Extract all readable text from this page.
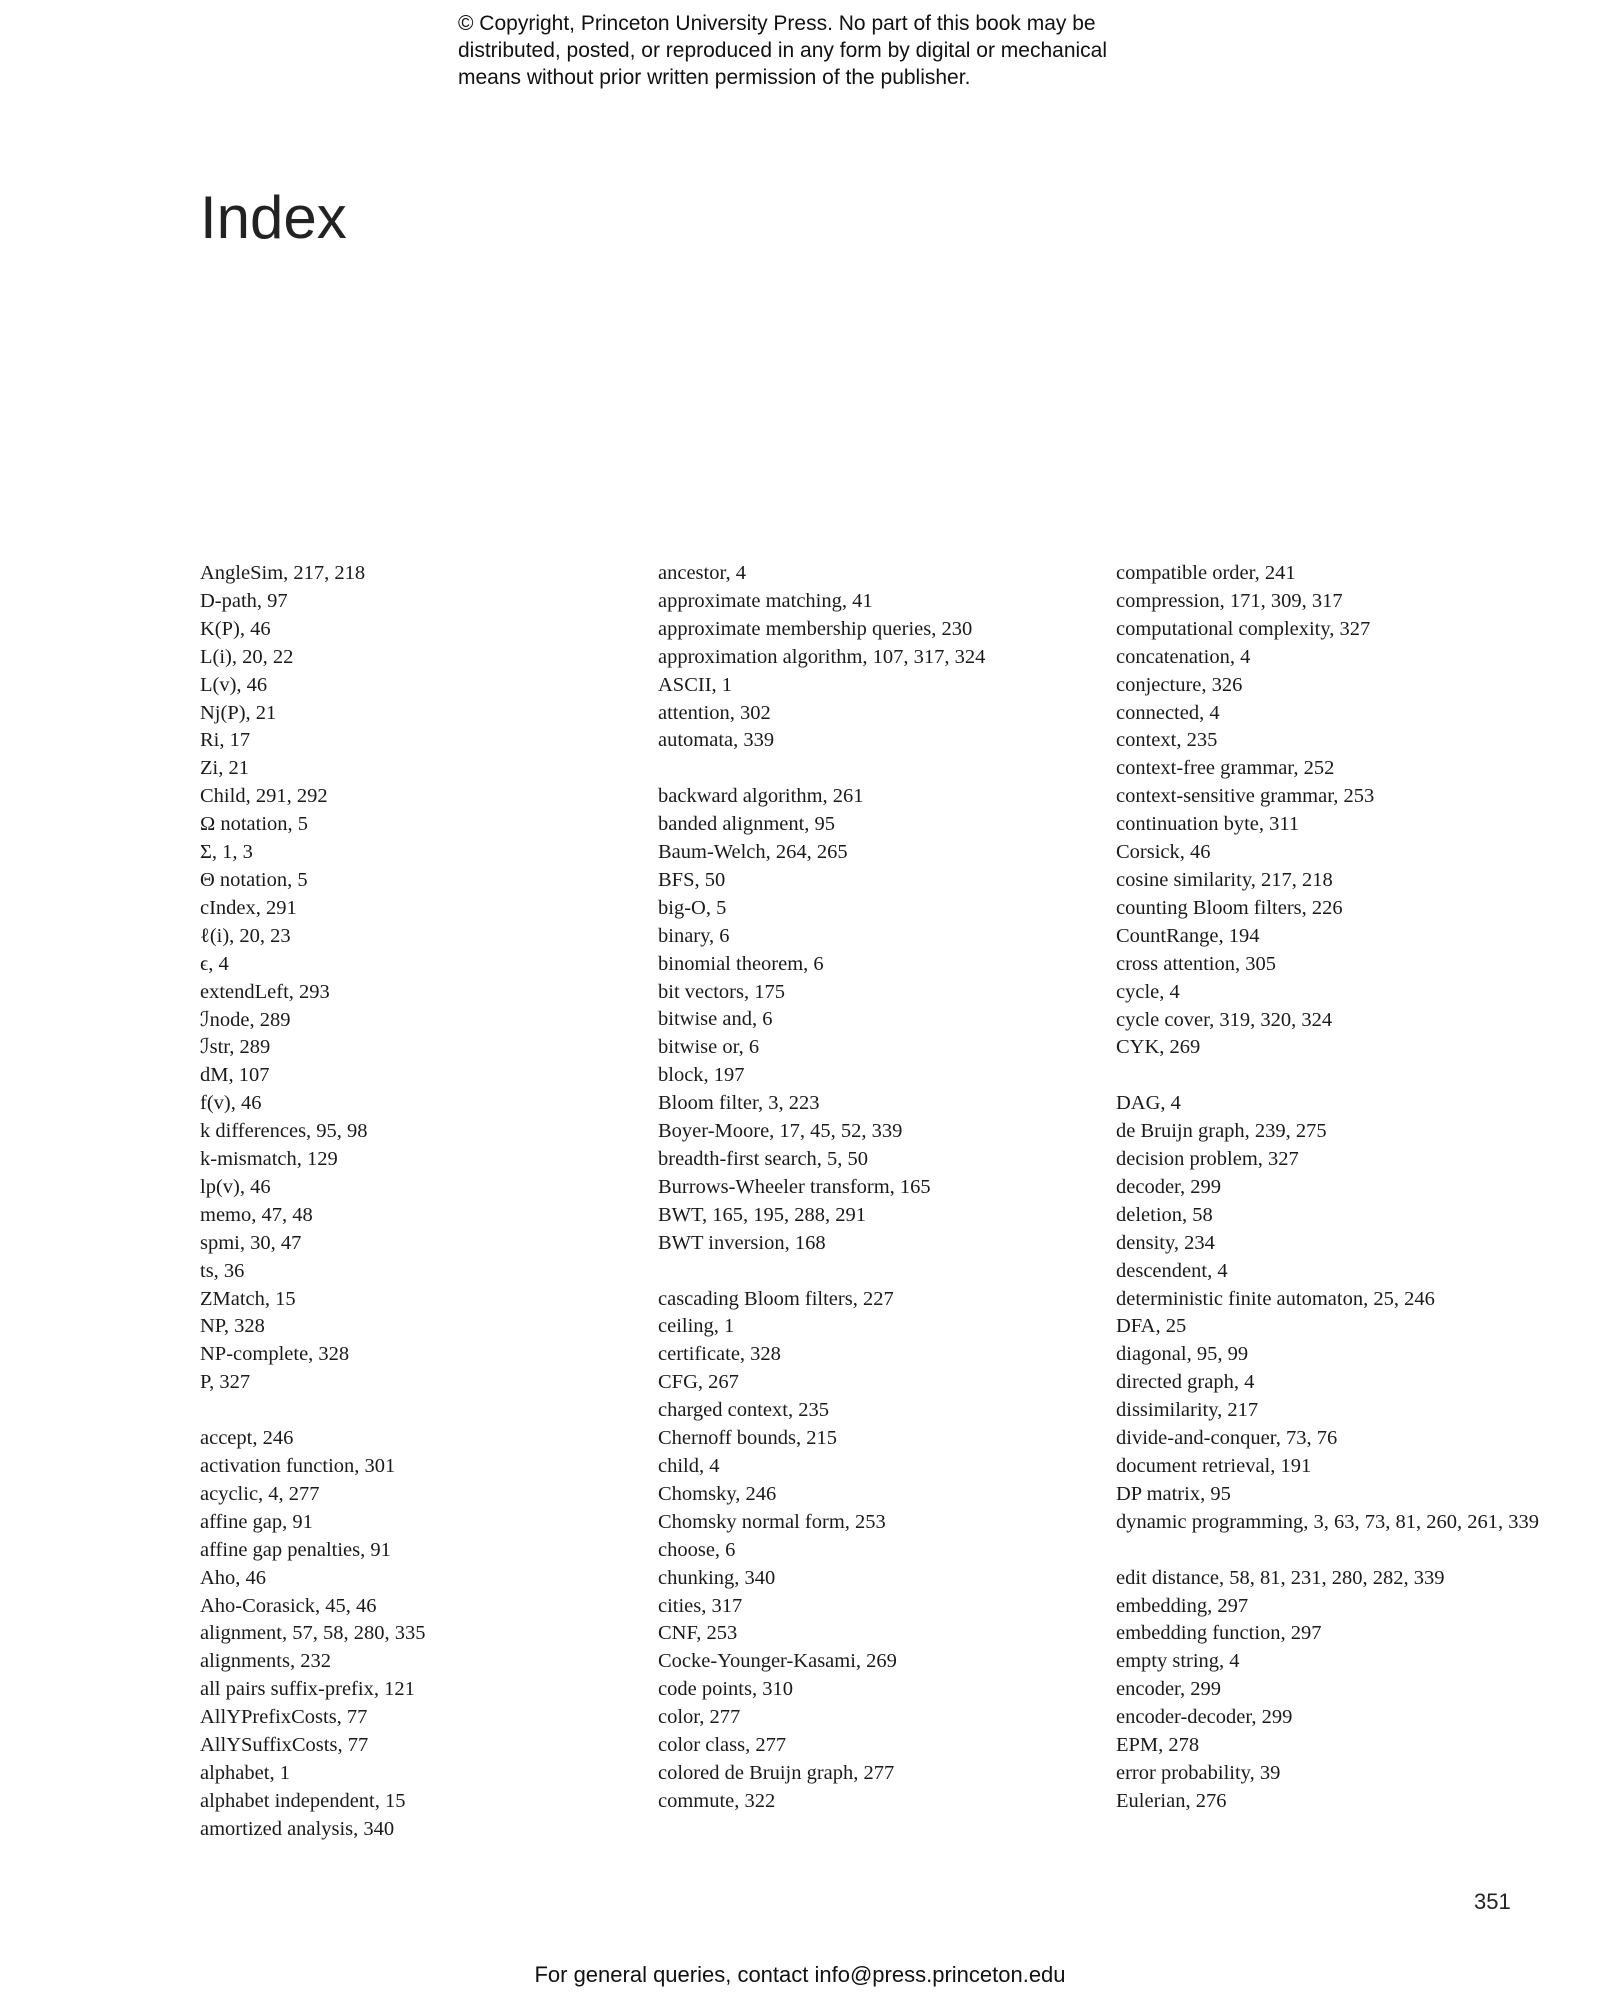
© Copyright, Princeton University Press. No part of this book may be
distributed, posted, or reproduced in any form by digital or mechanical
means without prior written permission of the publisher.
Index
AngleSim, 217, 218
D-path, 97
K(P), 46
L(i), 20, 22
L(v), 46
Nj(P), 21
Ri, 17
Zi, 21
Child, 291, 292
Ω notation, 5
Σ, 1, 3
Θ notation, 5
cIndex, 291
ℓ(i), 20, 23
ϵ, 4
extendLeft, 293
ℐnode, 289
ℐstr, 289
dM, 107
f(v), 46
k differences, 95, 98
k-mismatch, 129
lp(v), 46
memo, 47, 48
spmi, 30, 47
ts, 36
ZMatch, 15
NP, 328
NP-complete, 328
P, 327
accept, 246
activation function, 301
acyclic, 4, 277
affine gap, 91
affine gap penalties, 91
Aho, 46
Aho-Corasick, 45, 46
alignment, 57, 58, 280, 335
alignments, 232
all pairs suffix-prefix, 121
AllYPrefixCosts, 77
AllYSuffixCosts, 77
alphabet, 1
alphabet independent, 15
amortized analysis, 340
ancestor, 4
approximate matching, 41
approximate membership queries, 230
approximation algorithm, 107, 317, 324
ASCII, 1
attention, 302
automata, 339
backward algorithm, 261
banded alignment, 95
Baum-Welch, 264, 265
BFS, 50
big-O, 5
binary, 6
binomial theorem, 6
bit vectors, 175
bitwise and, 6
bitwise or, 6
block, 197
Bloom filter, 3, 223
Boyer-Moore, 17, 45, 52, 339
breadth-first search, 5, 50
Burrows-Wheeler transform, 165
BWT, 165, 195, 288, 291
BWT inversion, 168
cascading Bloom filters, 227
ceiling, 1
certificate, 328
CFG, 267
charged context, 235
Chernoff bounds, 215
child, 4
Chomsky, 246
Chomsky normal form, 253
choose, 6
chunking, 340
cities, 317
CNF, 253
Cocke-Younger-Kasami, 269
code points, 310
color, 277
color class, 277
colored de Bruijn graph, 277
commute, 322
compatible order, 241
compression, 171, 309, 317
computational complexity, 327
concatenation, 4
conjecture, 326
connected, 4
context, 235
context-free grammar, 252
context-sensitive grammar, 253
continuation byte, 311
Corsick, 46
cosine similarity, 217, 218
counting Bloom filters, 226
CountRange, 194
cross attention, 305
cycle, 4
cycle cover, 319, 320, 324
CYK, 269
DAG, 4
de Bruijn graph, 239, 275
decision problem, 327
decoder, 299
deletion, 58
density, 234
descendent, 4
deterministic finite automaton, 25, 246
DFA, 25
diagonal, 95, 99
directed graph, 4
dissimilarity, 217
divide-and-conquer, 73, 76
document retrieval, 191
DP matrix, 95
dynamic programming, 3, 63, 73, 81, 260, 261, 339
edit distance, 58, 81, 231, 280, 282, 339
embedding, 297
embedding function, 297
empty string, 4
encoder, 299
encoder-decoder, 299
EPM, 278
error probability, 39
Eulerian, 276
351
For general queries, contact info@press.princeton.edu
